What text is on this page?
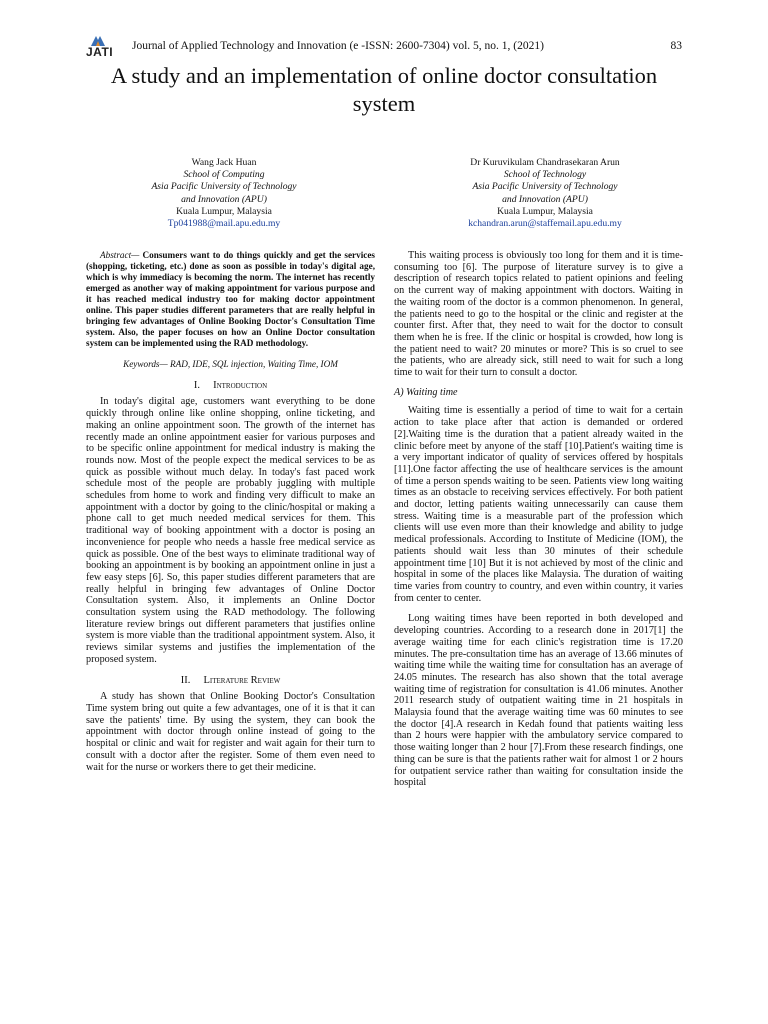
JATI Journal of Applied Technology and Innovation (e -ISSN: 2600-7304) vol. 5, no. 1, (2021)	83
A study and an implementation of online doctor consultation system
Wang Jack Huan
School of Computing
Asia Pacific University of Technology
and Innovation (APU)
Kuala Lumpur, Malaysia
Tp041988@mail.apu.edu.my
Dr Kuruvikulam Chandrasekaran Arun
School of Technology
Asia Pacific University of Technology
and Innovation (APU)
Kuala Lumpur, Malaysia
kchandran.arun@staffemail.apu.edu.my

Abstract— Consumers want to do things quickly and get the services (shopping, ticketing, etc.) done as soon as possible in today's digital age, which is why immediacy is becoming the norm. The internet has recently emerged as another way of making appointment for various purpose and it has reached medical industry too for making doctor appointment online. This paper studies different parameters that are really helpful in bringing few advantages of Online Booking Doctor's Consultation Time system. Also, the paper focuses on how an Online Doctor consultation system can be implemented using the RAD methodology.

Keywords— RAD, IDE, SQL injection, Waiting Time, IOM
I. Introduction

In today's digital age, customers want everything to be done quickly through online like online shopping, online ticketing, and making an online appointment soon. The growth of the internet has recently made an online appointment easier for various purposes and to be specific online appointment for medical industry is making the rounds now. Most of the people expect the medical services to be as quick as possible without much delay. In today's fast paced work schedule most of the people are probably juggling with multiple schedules from home to work and finding very difficult to make an appointment with a doctor by going to the clinic/hospital or making a phone call to get much needed medical services for them. This traditional way of booking appointment with a doctor is posing an inconvenience for people who needs a hassle free medical service as quick as possible. One of the best ways to eliminate traditional way of booking an appointment is by booking an appointment online in just a few easy steps [6]. So, this paper studies different parameters that are really helpful in bringing few advantages of Online Doctor Consultation system. Also, it implements an Online Doctor consultation system using the RAD methodology. The following literature review brings out different parameters that justifies online system is more viable than the traditional appointment system. Also, it reviews similar systems and justifies the implementation of the proposed system.

II. Literature Review

A study has shown that Online Booking Doctor's Consultation Time system bring out quite a few advantages, one of it is that it can save the patients' time. By using the system, they can book the appointment with doctor through online instead of going to the hospital or clinic and wait for register and wait again for their turn to consult with a doctor after the register. Some of them even need to wait for the nurse or workers there to get their medicine.

This waiting process is obviously too long for them and it is time-consuming too [6]. The purpose of literature survey is to give a description of research topics related to patient opinions and feeling on the current way of making appointment with doctors. Waiting in the waiting room of the doctor is a common phenomenon. In general, the patients need to go to the hospital or the clinic and register at the counter first. After that, they need to wait for the doctor to consult them when he is free. If the clinic or hospital is crowded, how long is the patient need to wait? 20 minutes or more? This is so cruel to see the patients, who are already sick, still need to wait for such a long time to wait for their turn to consult a doctor.

A) Waiting time

Waiting time is essentially a period of time to wait for a certain action to take place after that action is demanded or ordered [2].Waiting time is the duration that a patient already waited in the clinic before meet by anyone of the staff [10].Patient's waiting time is a very important indicator of quality of services offered by hospitals [11].One factor affecting the use of healthcare services is the amount of time a person spends waiting to be seen. Patients view long waiting times as an obstacle to receiving services effectively. For both patient and doctor, letting patients waiting unnecessarily can cause them stress. Waiting time is a measurable part of the profession which clients will use even more than their knowledge and ability to judge medical professionals. According to Institute of Medicine (IOM), the patients should wait less than 30 minutes of their schedule appointment time [10] But it is not achieved by most of the clinic and hospital in some of the places like Malaysia. The duration of waiting time varies from country to country, and even within country, it varies from center to center.

Long waiting times have been reported in both developed and developing countries. According to a research done in 2017[1] the average waiting time for each clinic's registration time is 17.20 minutes. The pre-consultation time has an average of 13.66 minutes of waiting time while the waiting time for consultation has an average of 24.05 minutes. The research has also shown that the total average waiting time of registration for consultation is 41.06 minutes. Another 2011 research study of outpatient waiting time in 21 hospitals in Malaysia found that the average waiting time was 60 minutes to see the doctor [4].A research in Kedah found that patients waiting less than 2 hours were happier with the ambulatory service compared to those waiting longer than 2 hour [7].From these research findings, one thing can be sure is that the patients rather wait for almost 1 or 2 hours for outpatient service rather than waiting for consultation inside the hospital
